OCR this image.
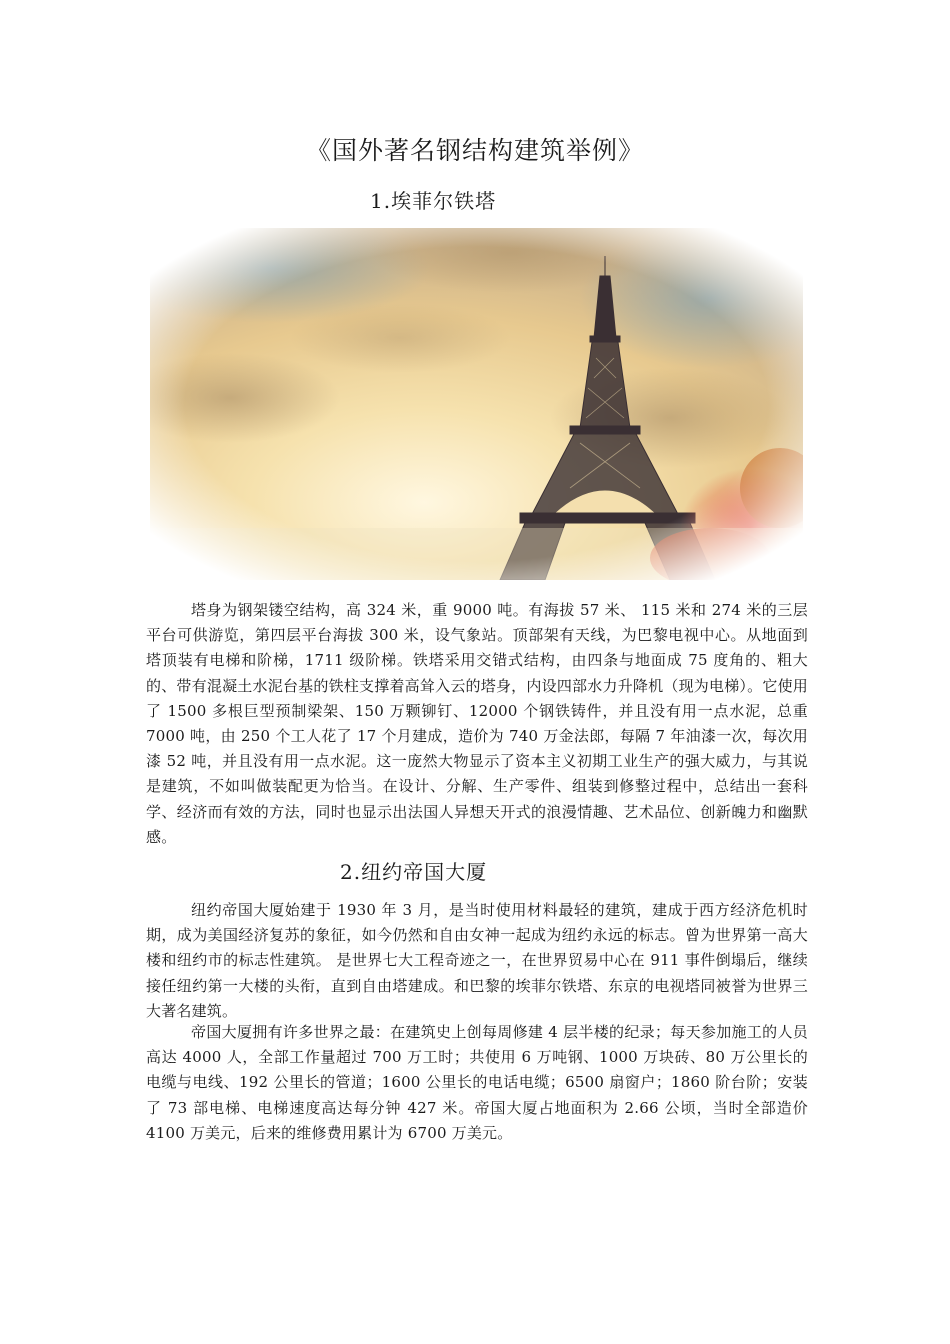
《国外著名钢结构建筑举例》
1.埃菲尔铁塔

塔身为钢架镂空结构，高 324 米，重 9000 吨。有海拔 57 米、 115 米和 274 米的三层平台可供游览，第四层平台海拔 300 米，设气象站。顶部架有天线，为巴黎电视中心。从地面到塔顶装有电梯和阶梯，1711 级阶梯。铁塔采用交错式结构，由四条与地面成 75 度角的、粗大的、带有混凝土水泥台基的铁柱支撑着高耸入云的塔身，内设四部水力升降机（现为电梯）。它使用了 1500 多根巨型预制梁架、150 万颗铆钉、12000 个钢铁铸件，并且没有用一点水泥，总重 7000 吨，由 250 个工人花了 17 个月建成，造价为 740 万金法郎，每隔 7 年油漆一次，每次用漆 52 吨，并且没有用一点水泥。这一庞然大物显示了资本主义初期工业生产的强大威力，与其说是建筑，不如叫做装配更为恰当。在设计、分解、生产零件、组装到修整过程中，总结出一套科学、经济而有效的方法，同时也显示出法国人异想天开式的浪漫情趣、艺术品位、创新魄力和幽默感。

2.纽约帝国大厦

纽约帝国大厦始建于 1930 年 3 月，是当时使用材料最轻的建筑，建成于西方经济危机时期，成为美国经济复苏的象征，如今仍然和自由女神一起成为纽约永远的标志。曾为世界第一高大楼和纽约市的标志性建筑。 是世界七大工程奇迹之一，在世界贸易中心在 911 事件倒塌后，继续接任纽约第一大楼的头衔，直到自由塔建成。和巴黎的埃菲尔铁塔、东京的电视塔同被誉为世界三大著名建筑。

帝国大厦拥有许多世界之最：在建筑史上创每周修建 4 层半楼的纪录；每天参加施工的人员高达 4000 人，全部工作量超过 700 万工时；共使用 6 万吨钢、1000 万块砖、80 万公里长的电缆与电线、192 公里长的管道；1600 公里长的电话电缆；6500 扇窗户；1860 阶台阶；安装了 73 部电梯、电梯速度高达每分钟 427 米。帝国大厦占地面积为 2.66 公顷，当时全部造价 4100 万美元，后来的维修费用累计为 6700 万美元。
